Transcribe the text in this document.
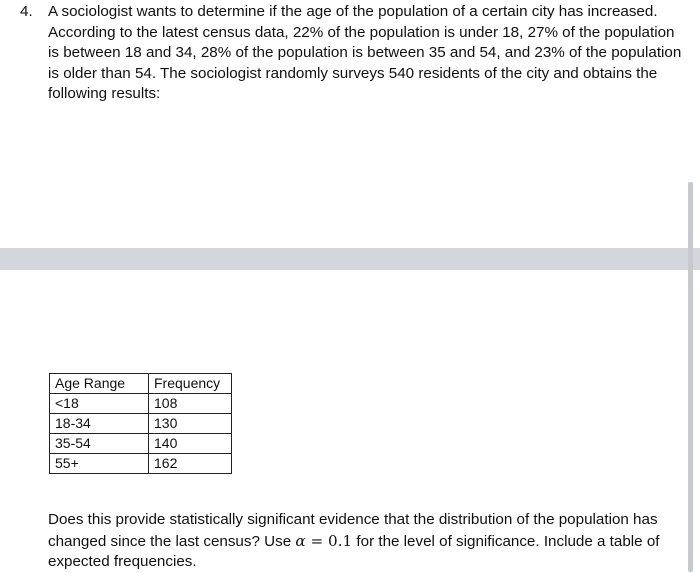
4. A sociologist wants to determine if the age of the population of a certain city has increased. According to the latest census data, 22% of the population is under 18, 27% of the population is between 18 and 34, 28% of the population is between 35 and 54, and 23% of the population is older than 54. The sociologist randomly surveys 540 residents of the city and obtains the following results:
Age Range	Frequency
<18	108
18-34	130
35-54	140
55+	162
Does this provide statistically significant evidence that the distribution of the population has changed since the last census? Use α = 0.1 for the level of significance. Include a table of expected frequencies.
